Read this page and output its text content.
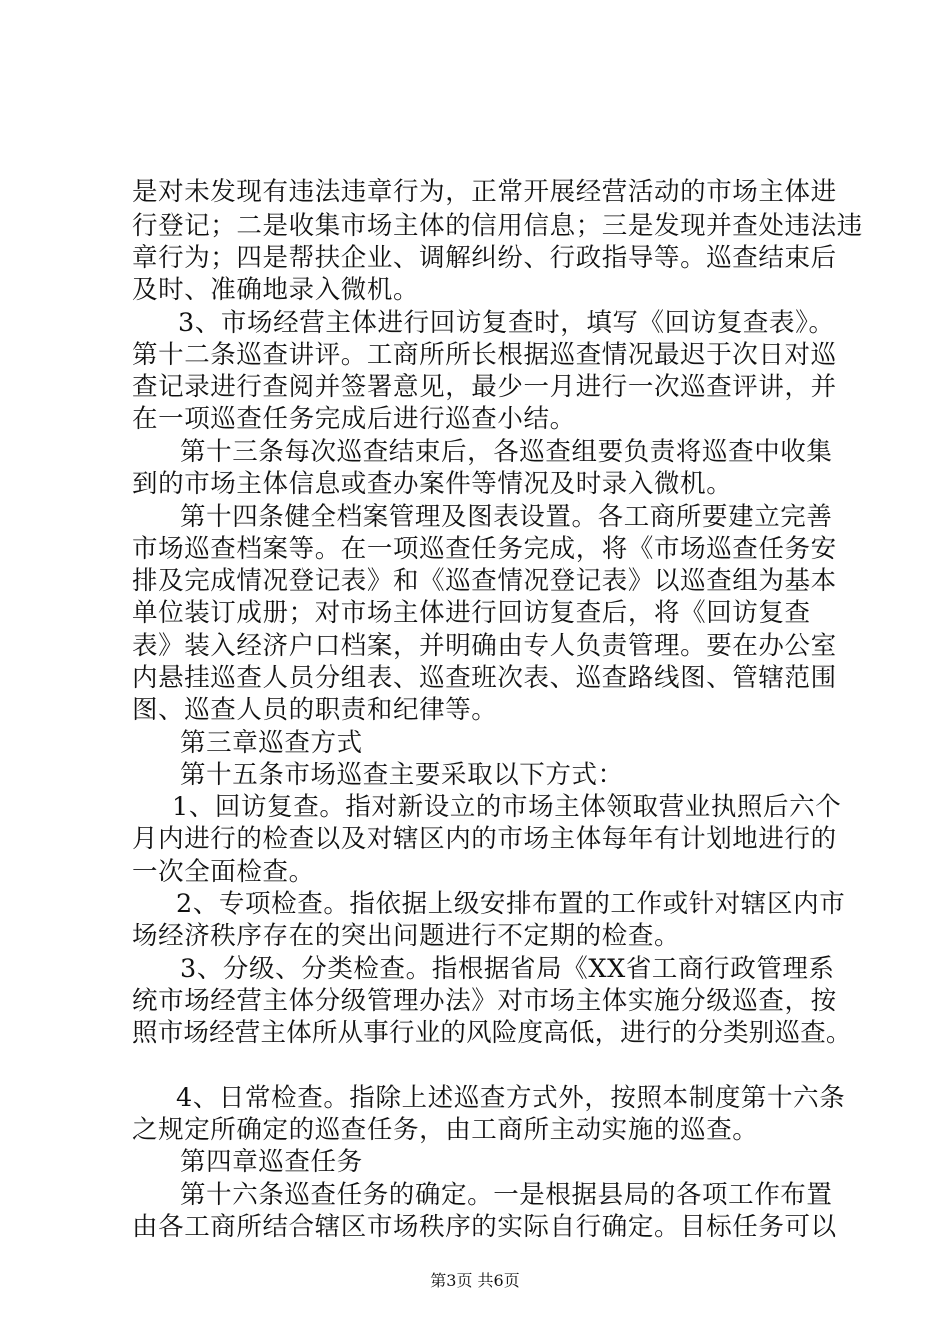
是对未发现有违法违章行为，正常开展经营活动的市场主体进
行登记；二是收集市场主体的信用信息；三是发现并查处违法违
章行为；四是帮扶企业、调解纠纷、行政指导等。巡查结束后
及时、准确地录入微机。
3、市场经营主体进行回访复查时，填写《回访复查表》。
第十二条巡查讲评。工商所所长根据巡查情况最迟于次日对巡
查记录进行查阅并签署意见，最少一月进行一次巡查评讲，并
在一项巡查任务完成后进行巡查小结。
第十三条每次巡查结束后，各巡查组要负责将巡查中收集
到的市场主体信息或查办案件等情况及时录入微机。
第十四条健全档案管理及图表设置。各工商所要建立完善
市场巡查档案等。在一项巡查任务完成，将《市场巡查任务安
排及完成情况登记表》和《巡查情况登记表》以巡查组为基本
单位装订成册；对市场主体进行回访复查后，将《回访复查
表》装入经济户口档案，并明确由专人负责管理。要在办公室
内悬挂巡查人员分组表、巡查班次表、巡查路线图、管辖范围
图、巡查人员的职责和纪律等。
第三章巡查方式
第十五条市场巡查主要采取以下方式：
1、回访复查。指对新设立的市场主体领取营业执照后六个
月内进行的检查以及对辖区内的市场主体每年有计划地进行的
一次全面检查。
2、专项检查。指依据上级安排布置的工作或针对辖区内市
场经济秩序存在的突出问题进行不定期的检查。
3、分级、分类检查。指根据省局《XX省工商行政管理系
统市场经营主体分级管理办法》对市场主体实施分级巡查，按
照市场经营主体所从事行业的风险度高低，进行的分类别巡查。
4、日常检查。指除上述巡查方式外，按照本制度第十六条
之规定所确定的巡查任务，由工商所主动实施的巡查。
第四章巡查任务
第十六条巡查任务的确定。一是根据县局的各项工作布置
由各工商所结合辖区市场秩序的实际自行确定。目标任务可以
第3页 共6页
